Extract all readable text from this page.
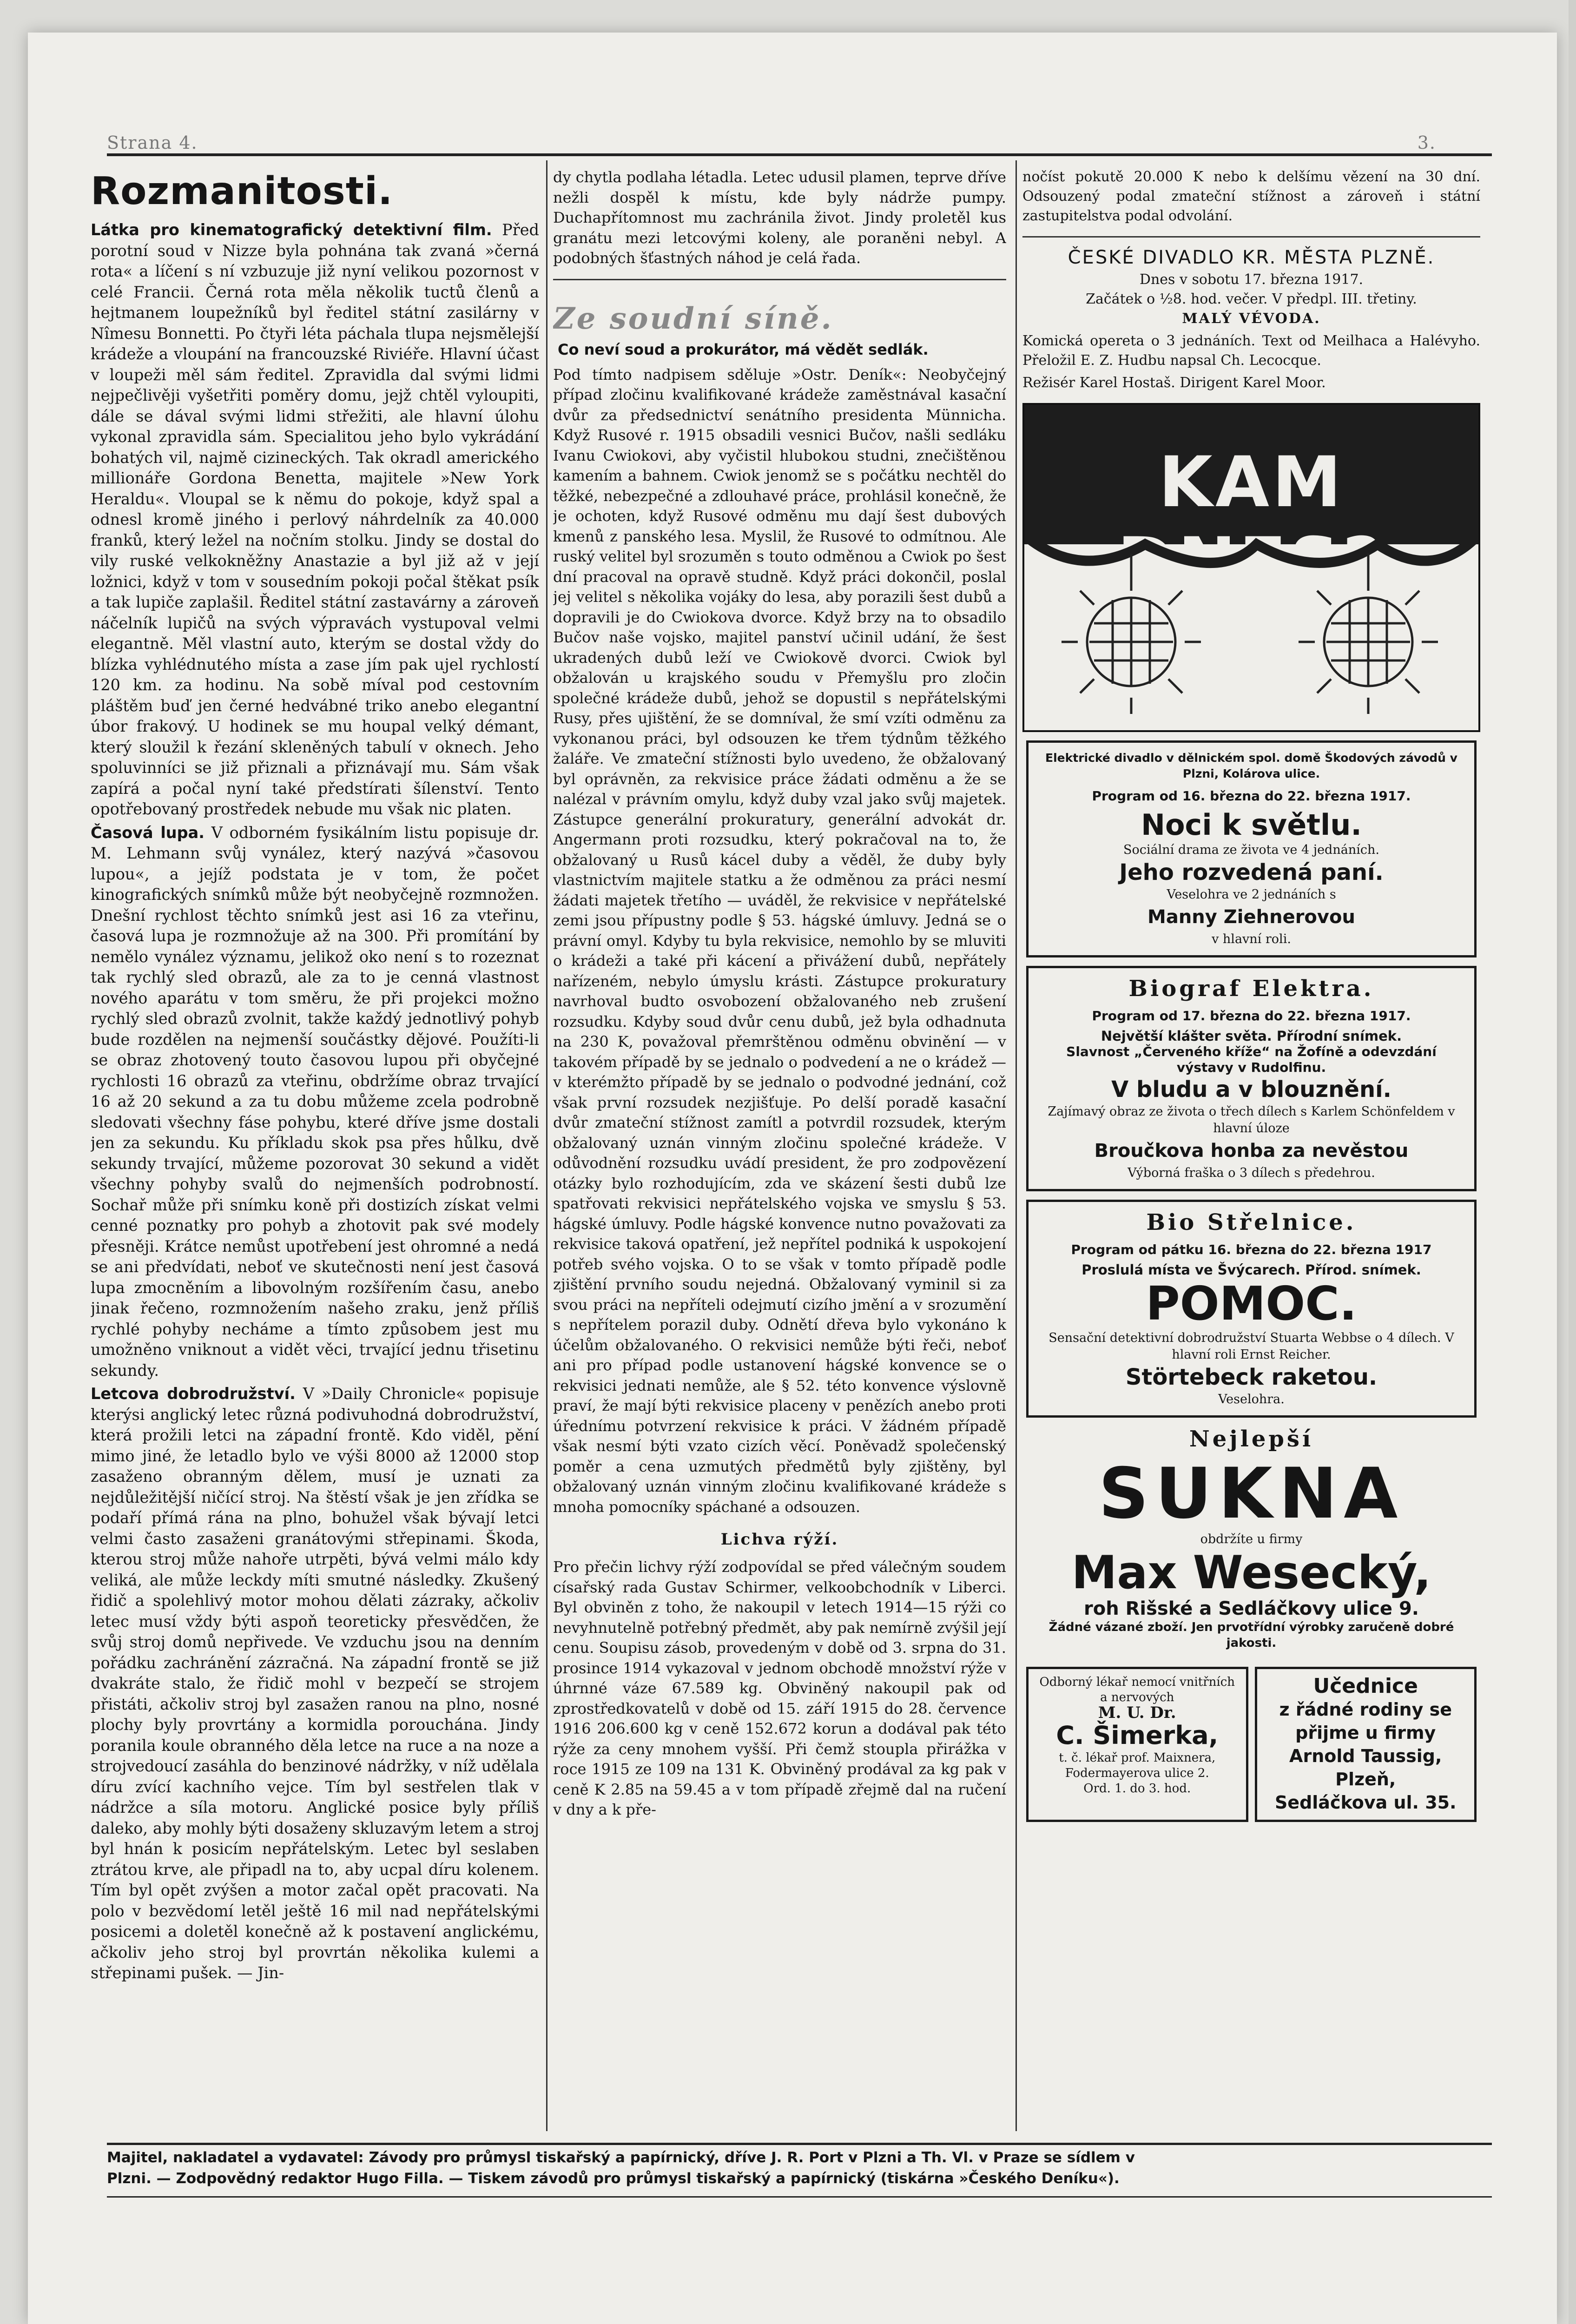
Strana 4.	3.
Rozmanitosti.

Látka pro kinematografický detektivní film. Před porotní soud v Nizze byla pohnána tak zvaná »černá rota« a líčení s ní vzbuzuje již nyní velikou pozornost v celé Francii. Černá rota měla několik tuctů členů a hejtmanem loupežníků byl ředitel státní zasilárny v Nîmesu Bonnetti. Po čtyři léta páchala tlupa nejsmělejší krádeže a vloupání na francouzské Riviéře. Hlavní účast v loupeži měl sám ředitel. Zpravidla dal svými lidmi nejpečlivěji vyšetřiti poměry domu, jejž chtěl vyloupiti, dále se dával svými lidmi střežiti, ale hlavní úlohu vykonal zpravidla sám. Specialitou jeho bylo vykrádání bohatých vil, najmě cizineckých. Tak okradl amerického millionáře Gordona Benetta, majitele »New York Heraldu«. Vloupal se k němu do pokoje, když spal a odnesl kromě jiného i perlový náhrdelník za 40.000 franků, který ležel na nočním stolku. Jindy se dostal do vily ruské velkokněžny Anastazie a byl již až v její ložnici, když v tom v sousedním pokoji počal štěkat psík a tak lupiče zaplašil. Ředitel státní zastavárny a zároveň náčelník lupičů na svých výpravách vystupoval velmi elegantně. Měl vlastní auto, kterým se dostal vždy do blízka vyhlédnutého místa a zase jím pak ujel rychlostí 120 km. za hodinu. Na sobě míval pod cestovním pláštěm buď jen černé hedvábné triko anebo elegantní úbor frakový. U hodinek se mu houpal velký démant, který sloužil k řezání skleněných tabulí v oknech. Jeho spoluvinníci se již přiznali a přiznávají mu. Sám však zapírá a počal nyní také předstírati šílenství. Tento opotřebovaný prostředek nebude mu však nic platen.

Časová lupa. V odborném fysikálním listu popisuje dr. M. Lehmann svůj vynález, který nazývá »časovou lupou«, a jejíž podstata je v tom, že počet kinografických snímků může být neobyčejně rozmnožen. Dnešní rychlost těchto snímků jest asi 16 za vteřinu, časová lupa je rozmnožuje až na 300. Při promítání by nemělo vynález významu, jelikož oko není s to rozeznat tak rychlý sled obrazů, ale za to je cenná vlastnost nového aparátu v tom směru, že při projekci možno rychlý sled obrazů zvolnit, takže každý jednotlivý pohyb bude rozdělen na nejmenší součástky dějové. Použíti-li se obraz zhotovený touto časovou lupou při obyčejné rychlosti 16 obrazů za vteřinu, obdržíme obraz trvající 16 až 20 sekund a za tu dobu můžeme zcela podrobně sledovati všechny fáse pohybu, které dříve jsme dostali jen za sekundu. Ku příkladu skok psa přes hůlku, dvě sekundy trvající, můžeme pozorovat 30 sekund a vidět všechny pohyby svalů do nejmenších podrobností. Sochař může při snímku koně při dostizích získat velmi cenné poznatky pro pohyb a zhotovit pak své modely přesněji. Krátce nemůst upotřebení jest ohromné a nedá se ani předvídati, neboť ve skutečnosti není jest časová lupa zmocněním a libovolným rozšířením času, anebo jinak řečeno, rozmnožením našeho zraku, jenž příliš rychlé pohyby necháme a tímto způsobem jest mu umožněno vniknout a vidět věci, trvající jednu třisetinu sekundy.

Letcova dobrodružství. V »Daily Chronicle« popisuje kterýsi anglický letec různá podivuhodná dobrodružství, která prožili letci na západní frontě. Kdo viděl, pění mimo jiné, že letadlo bylo ve výši 8000 až 12000 stop zasaženo obranným dělem, musí je uznati za nejdůležitější ničící stroj. Na štěstí však je jen zřídka se podaří přímá rána na plno, bohužel však bývají letci velmi často zasaženi granátovými střepinami. Škoda, kterou stroj může nahoře utrpěti, bývá velmi málo kdy veliká, ale může leckdy míti smutné následky. Zkušený řidič a spolehlivý motor mohou dělati zázraky, ačkoliv letec musí vždy býti aspoň teoreticky přesvědčen, že svůj stroj domů nepřivede. Ve vzduchu jsou na denním pořádku zachránění zázračná. Na západní frontě se již dvakráte stalo, že řidič mohl v bezpečí se strojem přistáti, ačkoliv stroj byl zasažen ranou na plno, nosné plochy byly provrtány a kormidla porouchána. Jindy poranila koule obranného děla letce na ruce a na noze a strojvedoucí zasáhla do benzinové nádržky, v níž udělala díru zvící kachního vejce. Tím byl sestřelen tlak v nádržce a síla motoru. Anglické posice byly příliš daleko, aby mohly býti dosaženy skluzavým letem a stroj byl hnán k posicím nepřátelským. Letec byl seslaben ztrátou krve, ale připadl na to, aby ucpal díru kolenem. Tím byl opět zvýšen a motor začal opět pracovati. Na polo v bezvědomí letěl ještě 16 mil nad nepřátelskými posicemi a doletěl konečně až k postavení anglickému, ačkoliv jeho stroj byl provrtán několika kulemi a střepinami pušek. — Jin-

dy chytla podlaha létadla. Letec udusil plamen, teprve dříve nežli dospěl k místu, kde byly nádrže pumpy. Duchapřítomnost mu zachránila život. Jindy proletěl kus granátu mezi letcovými koleny, ale poraněni nebyl. A podobných šťastných náhod je celá řada.

Ze soudní síně.
Co neví soud a prokurátor, má vědět sedlák.

Pod tímto nadpisem sděluje »Ostr. Deník«: Neobyčejný případ zločinu kvalifikované krádeže zaměstnával kasační dvůr za předsednictví senátního presidenta Münnicha. Když Rusové r. 1915 obsadili vesnici Bučov, našli sedláku Ivanu Cwiokovi, aby vyčistil hlubokou studni, znečištěnou kamením a bahnem. Cwiok jenomž se s počátku nechtěl do těžké, nebezpečné a zdlouhavé práce, prohlásil konečně, že je ochoten, když Rusové odměnu mu dají šest dubových kmenů z panského lesa. Myslil, že Rusové to odmítnou. Ale ruský velitel byl srozuměn s touto odměnou a Cwiok po šest dní pracoval na opravě studně. Když práci dokončil, poslal jej velitel s několika vojáky do lesa, aby porazili šest dubů a dopravili je do Cwiokova dvorce. Když brzy na to obsadilo Bučov naše vojsko, majitel panství učinil udání, že šest ukradených dubů leží ve Cwiokově dvorci. Cwiok byl obžalován u krajského soudu v Přemyšlu pro zločin společné krádeže dubů, jehož se dopustil s nepřátelskými Rusy, přes ujištění, že se domníval, že smí vzíti odměnu za vykonanou práci, byl odsouzen ke třem týdnům těžkého žaláře. Ve zmateční stížnosti bylo uvedeno, že obžalovaný byl oprávněn, za rekvisice práce žádati odměnu a že se nalézal v právním omylu, když duby vzal jako svůj majetek. Zástupce generální prokuratury, generální advokát dr. Angermann proti rozsudku, který pokračoval na to, že obžalovaný u Rusů kácel duby a věděl, že duby byly vlastnictvím majitele statku a že odměnou za práci nesmí žádati majetek třetího — uváděl, že rekvisice v nepřátelské zemi jsou přípustny podle § 53. hágské úmluvy. Jedná se o právní omyl. Kdyby tu byla rekvisice, nemohlo by se mluviti o krádeži a také při kácení a přivážení dubů, nepřátely nařízeném, nebylo úmyslu krásti. Zástupce prokuratury navrhoval budto osvobození obžalovaného neb zrušení rozsudku. Kdyby soud dvůr cenu dubů, jež byla odhadnuta na 230 K, považoval přemrštěnou odměnu obvinění — v takovém případě by se jednalo o podvedení a ne o krádež — v kterémžto případě by se jednalo o podvodné jednání, což však první rozsudek nezjišťuje. Po delší poradě kasační dvůr zmateční stížnost zamítl a potvrdil rozsudek, kterým obžalovaný uznán vinným zločinu společné krádeže. V odůvodnění rozsudku uvádí president, že pro zodpovězení otázky bylo rozhodujícím, zda ve skázení šesti dubů lze spatřovati rekvisici nepřátelského vojska ve smyslu § 53. hágské úmluvy. Podle hágské konvence nutno považovati za rekvisice taková opatření, jež nepřítel podniká k uspokojení potřeb svého vojska. O to se však v tomto případě podle zjištění prvního soudu nejedná. Obžalovaný vyminil si za svou práci na nepříteli odejmutí cizího jmění a v srozumění s nepřítelem porazil duby. Odnětí dřeva bylo vykonáno k účelům obžalovaného. O rekvisici nemůže býti řeči, neboť ani pro případ podle ustanovení hágské konvence se o rekvisici jednati nemůže, ale § 52. této konvence výslovně praví, že mají býti rekvisice placeny v penězích anebo proti úřednímu potvrzení rekvisice k práci. V žádném případě však nesmí býti vzato cizích věcí. Poněvadž společenský poměr a cena uzmutých předmětů byly zjištěny, byl obžalovaný uznán vinným zločinu kvalifikované krádeže s mnoha pomocníky spáchané a odsouzen.

Lichva rýží.

Pro přečin lichvy rýží zodpovídal se před válečným soudem císařský rada Gustav Schirmer, velkoobchodník v Liberci. Byl obviněn z toho, že nakoupil v letech 1914—15 rýži co nevyhnutelně potřebný předmět, aby pak nemírně zvýšil její cenu. Soupisu zásob, provedeným v době od 3. srpna do 31. prosince 1914 vykazoval v jednom obchodě množství rýže v úhrnné váze 67.589 kg. Obviněný nakoupil pak od zprostředkovatelů v době od 15. září 1915 do 28. července 1916 206.600 kg v ceně 152.672 korun a dodával pak této rýže za ceny mnohem vyšší. Při čemž stoupla přirážka v roce 1915 ze 109 na 131 K. Obviněný prodával za kg pak v ceně K 2.85 na 59.45 a v tom případě zřejmě dal na ručení v dny a k pře-

nočíst pokutě 20.000 K nebo k delšímu vězení na 30 dní. Odsouzený podal zmateční stížnost a zároveň i státní zastupitelstva podal odvolání.

ČESKÉ DIVADLO KR. MĚSTA PLZNĚ.
Dnes v sobotu 17. března 1917.
Začátek o ½8. hod. večer. V předpl. III. třetiny.
MALÝ VÉVODA.
Komická opereta o 3 jednáních. Text od Meilhaca a Halévyho. Přeložil E. Z. Hudbu napsal Ch. Lecocque.
Režisér Karel Hostaš. Dirigent Karel Moor.
KAM DNES?
Elektrické divadlo v dělnickém spol. domě Škodových závodů v Plzni, Kolárova ulice.
Program od 16. března do 22. března 1917.
Noci k světlu.
Sociální drama ze života ve 4 jednáních.
Jeho rozvedená paní.
Veselohra ve 2 jednáních s
Manny Ziehnerovou
v hlavní roli.
Biograf Elektra.
Program od 17. března do 22. března 1917.
Největší klášter světa. Přírodní snímek.
Slavnost „Červeného kříže“ na Žofíně a odevzdání výstavy v Rudolfinu.
V bludu a v blouznění.
Zajímavý obraz ze života o třech dílech s Karlem Schönfeldem v hlavní úloze
Broučkova honba za nevěstou
Výborná fraška o 3 dílech s předehrou.
Bio Střelnice.
Program od pátku 16. března do 22. března 1917
Proslulá místa ve Švýcarech. Přírod. snímek.
POMOC.
Sensační detektivní dobrodružství Stuarta Webbse o 4 dílech. V hlavní roli Ernst Reicher.
Störtebeck raketou.
Veselohra.
Nejlepší
SUKNA
obdržíte u firmy
Max Wesecký,
roh Rišské a Sedláčkovy ulice 9.
Žádné vázané zboží. Jen prvotřídní výrobky zaručeně dobré jakosti.
Odborný lékař nemocí vnitřních a nervových
M. U. Dr.
C. Šimerka,
t. č. lékař prof. Maixnera, Fodermayerova ulice 2.
Ord. 1. do 3. hod.
Učednice
z řádné rodiny se přijme u firmy
Arnold Taussig,
Plzeň,
Sedláčkova ul. 35.
Majitel, nakladatel a vydavatel: Závody pro průmysl tiskařský a papírnický, dříve J. R. Port v Plzni a Th. Vl. v Praze se sídlem v
Plzni. — Zodpovědný redaktor Hugo Filla. — Tiskem závodů pro průmysl tiskařský a papírnický (tiskárna »Českého Deníku«).
